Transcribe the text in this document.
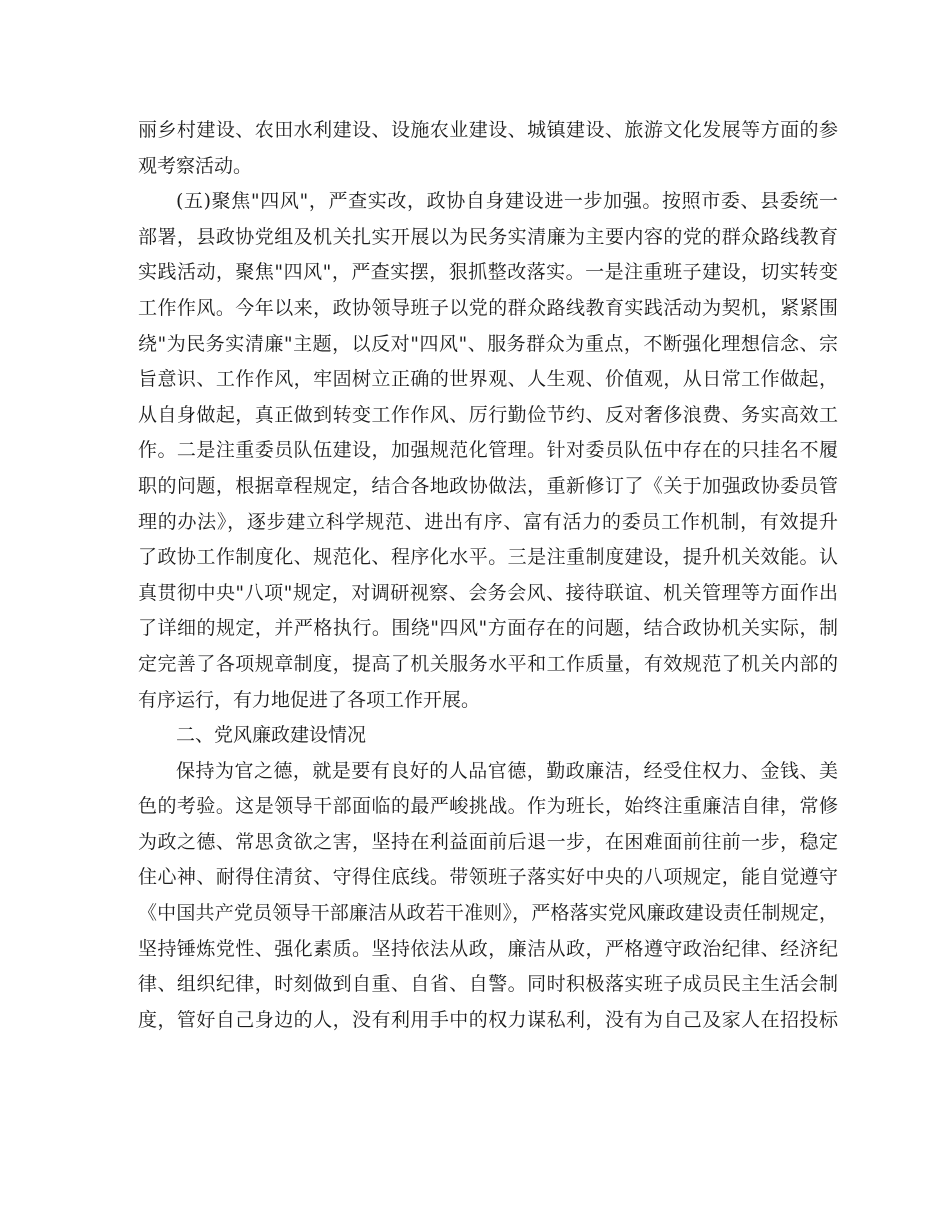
丽乡村建设、农田水利建设、设施农业建设、城镇建设、旅游文化发展等方面的参
观考察活动。
(五)聚焦"四风"，严查实改，政协自身建设进一步加强。按照市委、县委统一
部署，县政协党组及机关扎实开展以为民务实清廉为主要内容的党的群众路线教育
实践活动，聚焦"四风"，严查实摆，狠抓整改落实。一是注重班子建设，切实转变
工作作风。今年以来，政协领导班子以党的群众路线教育实践活动为契机，紧紧围
绕"为民务实清廉"主题，以反对"四风"、服务群众为重点，不断强化理想信念、宗
旨意识、工作作风，牢固树立正确的世界观、人生观、价值观，从日常工作做起，
从自身做起，真正做到转变工作作风、厉行勤俭节约、反对奢侈浪费、务实高效工
作。二是注重委员队伍建设，加强规范化管理。针对委员队伍中存在的只挂名不履
职的问题，根据章程规定，结合各地政协做法，重新修订了《关于加强政协委员管
理的办法》，逐步建立科学规范、进出有序、富有活力的委员工作机制，有效提升
了政协工作制度化、规范化、程序化水平。三是注重制度建设，提升机关效能。认
真贯彻中央"八项"规定，对调研视察、会务会风、接待联谊、机关管理等方面作出
了详细的规定，并严格执行。围绕"四风"方面存在的问题，结合政协机关实际，制
定完善了各项规章制度，提高了机关服务水平和工作质量，有效规范了机关内部的
有序运行，有力地促进了各项工作开展。
二、党风廉政建设情况
保持为官之德，就是要有良好的人品官德，勤政廉洁，经受住权力、金钱、美
色的考验。这是领导干部面临的最严峻挑战。作为班长，始终注重廉洁自律，常修
为政之德、常思贪欲之害，坚持在利益面前后退一步，在困难面前往前一步，稳定
住心神、耐得住清贫、守得住底线。带领班子落实好中央的八项规定，能自觉遵守
《中国共产党员领导干部廉洁从政若干准则》，严格落实党风廉政建设责任制规定，
坚持锤炼党性、强化素质。坚持依法从政，廉洁从政，严格遵守政治纪律、经济纪
律、组织纪律，时刻做到自重、自省、自警。同时积极落实班子成员民主生活会制
度，管好自己身边的人，没有利用手中的权力谋私利，没有为自己及家人在招投标
